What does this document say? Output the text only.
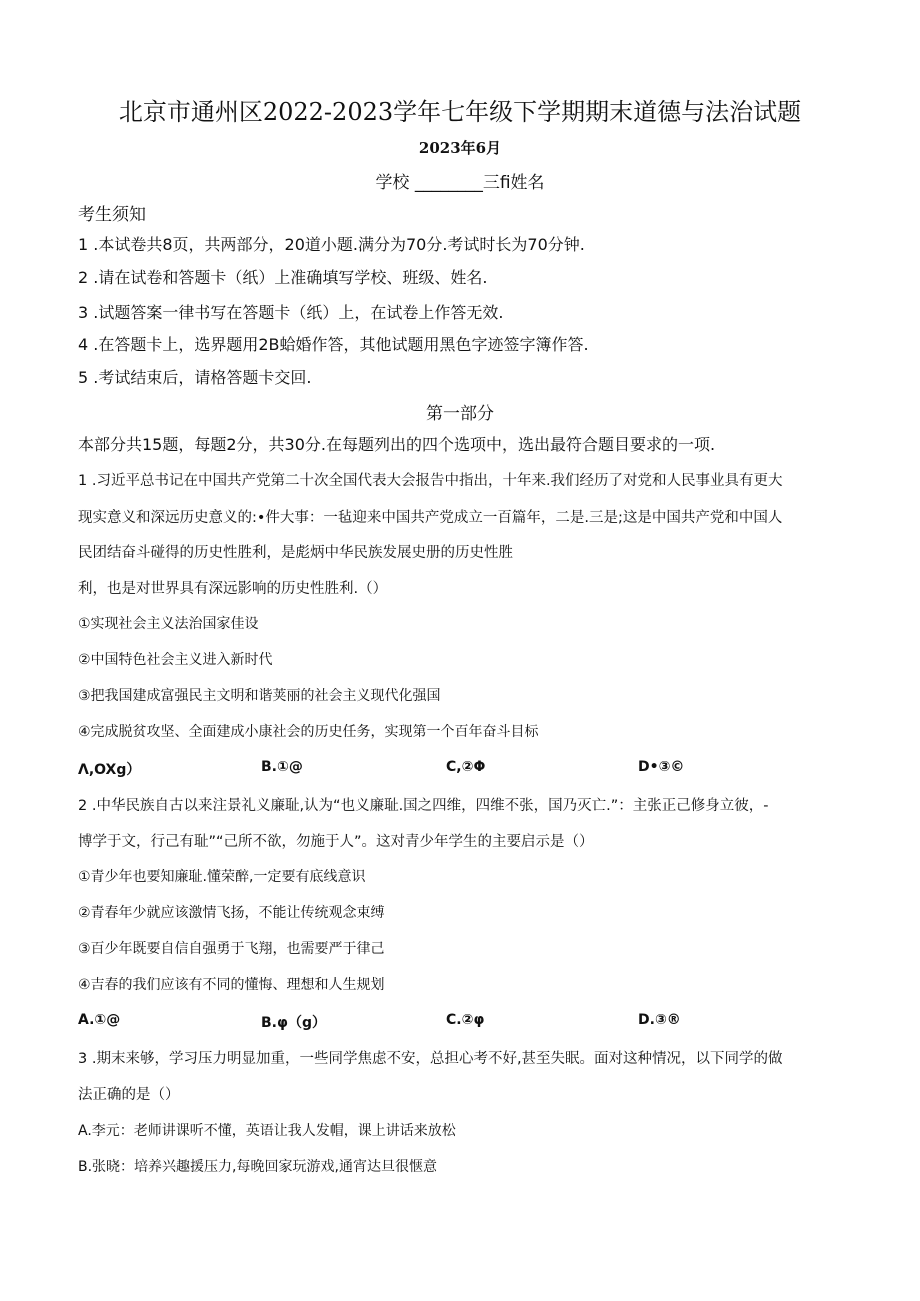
北京市通州区2022-2023学年七年级下学期期末道德与法治试题
2023年6月
学校 ________三fi姓名
考生须知
1 .本试卷共8页，共两部分，20道小题.满分为70分.考试时长为70分钟.
2 .请在试卷和答题卡（纸）上准确填写学校、班级、姓名.
3 .试题答案一律书写在答题卡（纸）上，在试卷上作答无效.
4 .在答题卡上，选界题用2B蛤婚作答，其他试题用黑色字迹签字簿作答.
5 .考试结束后，请格答题卡交回.
第一部分
本部分共15题，每题2分，共30分.在每题列出的四个选项中，选出最符合题目要求的一项.
1 .习近平总书记在中国共产党第二十次全国代表大会报告中指出，十年来.我们经历了对党和人民事业具有更大
现实意义和深远历史意义的:•件大事：一毡迎来中国共产党成立一百篇年，二是.三是;这是中国共产党和中国人
民团结奋斗碰得的历史性胜利，是彪炳中华民族发展史册的历史性胜
利，也是对世界具有深远影响的历史性胜利.（）
①实现社会主义法治国家佳设
②中国特色社会主义进入新时代
③把我国建成富强民主文明和谐荚丽的社会主义现代化强国
④完成脱贫攻坚、全面建成小康社会的历史任务，实现第一个百年奋斗目标
Λ,OXg）	B.①@	C,②Φ	D•③©
2 .中华民族自古以来注景礼义廉耻,认为“也义廉耻.国之四维，四维不张，国乃灭亡.”：主张正己修身立彼，-
博学于文，行己有耻”“己所不欲，勿施于人”。这对青少年学生的主要启示是（）
①青少年也要知廉耻.懂荣醉,一定要有底线意识
②青春年少就应该激情飞扬，不能让传统观念束缚
③百少年既要自信自强勇于飞翔，也需要严于律己
④吉春的我们应该有不同的懂悔、理想和人生规划
A.①@	B.φ（g）	C.②φ	D.③®
3 .期末来够，学习压力明显加重，一些同学焦虑不安，总担心考不好,甚至失眠。面对这种情况，以下同学的做
法正确的是（）
A.李元：老师讲课听不懂，英语让我人发帽，课上讲话来放松
B.张晓：培养兴趣援压力,每晚回家玩游戏,通宵达旦很惬意
